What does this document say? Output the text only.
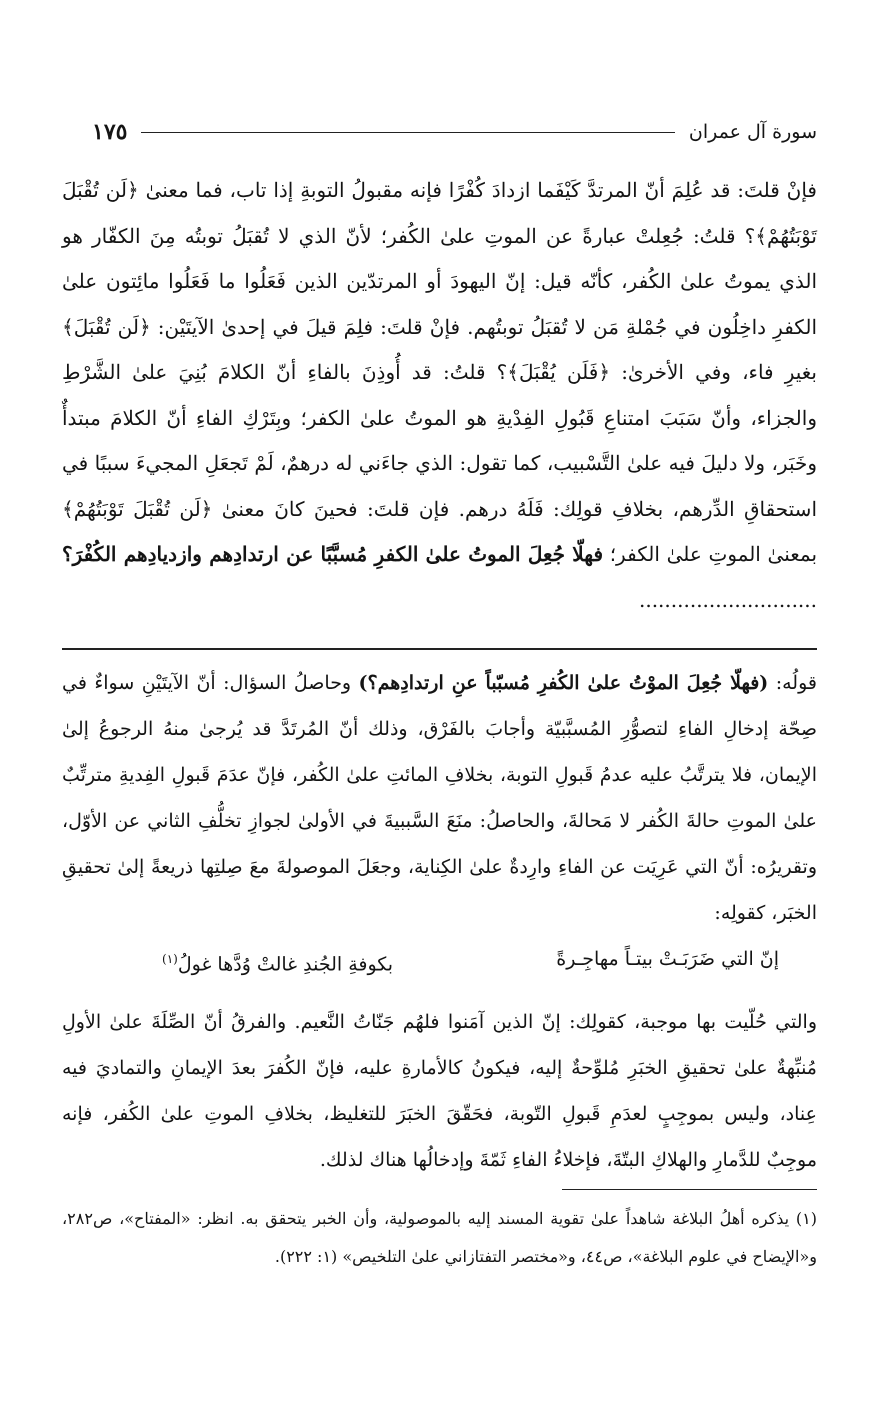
سورة آل عمران
١٧٥
فإنْ قلتَ: قد عُلِمَ أنّ المرتدَّ كَيْفَما ازدادَ كُفْرًا فإنه مقبولُ التوبةِ إذا تاب، فما معنىٰ ﴿لَن تُقْبَلَ تَوْبَتُهُمْ﴾؟ قلتُ: جُعِلتْ عبارةً عن الموتِ علىٰ الكُفر؛ لأنّ الذي لا تُقبَلُ توبتُه مِنَ الكفّار هو الذي يموتُ علىٰ الكُفر، كأنّه قيل: إنّ اليهودَ أو المرتدّين الذين فَعَلُوا ما فَعَلُوا مائِتون علىٰ الكفرِ داخِلُون في جُمْلةِ مَن لا تُقبَلُ توبتُهم. فإنْ قلتَ: فلِمَ قيلَ في إحدىٰ الآيتَيْن: ﴿لَن تُقْبَلَ﴾ بغيرِ فاء، وفي الأخرىٰ: ﴿فَلَن يُقْبَلَ﴾؟ قلتُ: قد أُوذِنَ بالفاءِ أنّ الكلامَ بُنِيَ علىٰ الشَّرْطِ والجزاء، وأنّ سَبَبَ امتناعِ قَبُولِ الفِدْيةِ هو الموتُ علىٰ الكفر؛ وبِتَرْكِ الفاءِ أنّ الكلامَ مبتدأٌ وخَبَر، ولا دليلَ فيه علىٰ التَّسْبيب، كما تقول: الذي جاءَني له درهمٌ، لَمْ تَجعَلِ المجيءَ سببًا في استحقاقِ الدِّرهم، بخلافِ قولِك: فَلَهُ درهم. فإن قلتَ: فحينَ كانَ معنىٰ ﴿لَن تُقْبَلَ تَوْبَتُهُمْ﴾ بمعنىٰ الموتِ علىٰ الكفر؛ فهلّا جُعِلَ الموتُ علىٰ الكفرِ مُسبَّبًا عن ارتدادِهم وازديادِهم الكُفْرَ؟ ............................
قولُه: (فهلّا جُعِلَ الموْتُ علىٰ الكُفرِ مُسبّباً عنِ ارتدادِهم؟) وحاصلُ السؤال: أنّ الآيتَيْنِ سواءٌ في صِحّة إدخالِ الفاءِ لتصوُّرِ المُسبَّبيّة وأجابَ بالفَرْق، وذلك أنّ المُرتَدَّ قد يُرجىٰ منهُ الرجوعُ إلىٰ الإيمان، فلا يترتَّبُ عليه عدمُ قَبولِ التوبة، بخلافِ المائتِ علىٰ الكُفر، فإنّ عدَمَ قَبولِ الفِديةِ مترتِّبٌ علىٰ الموتِ حالةَ الكُفر لا مَحالةَ، والحاصلُ: منَعَ السَّببيةَ في الأولىٰ لجوازِ تخلُّفِ الثاني عن الأوّل، وتقريرُه: أنّ التي عَرِيَت عن الفاءِ وارِدةٌ علىٰ الكِناية، وجعَلَ الموصولةَ معَ صِلتِها ذريعةً إلىٰ تحقيقِ الخبَر، كقولِه:
إنّ التي ضَرَبَـتْ بيتـاً مهاجِـرةً
بكوفةِ الجُندِ غالتْ وُدَّها غولُ$^{(١)}$
والتي حُلّيت بها موجبة، كقولِك: إنّ الذين آمَنوا فلهُم جَنّاتُ النَّعيم. والفرقُ أنّ الصِّلَةَ علىٰ الأولِ مُنبِّهةٌ علىٰ تحقيقِ الخبَرِ مُلوِّحةٌ إليه، فيكونُ كالأمارةِ عليه، فإنّ الكُفرَ بعدَ الإيمانِ والتماديَ فيه عِناد، وليس بموجِبٍ لعدَمِ قَبولِ التّوبة، فحَقّقَ الخبَرَ للتغليظ، بخلافِ الموتِ علىٰ الكُفر، فإنه موجِبٌ للدَّمارِ والهلاكِ البتّةَ، فإخلاءُ الفاءِ ثَمّةَ وإدخالُها هناك لذلك.
(١) يذكره أهلُ البلاغة شاهداً علىٰ تقوية المسند إليه بالموصولية، وأن الخبر يتحقق به. انظر: «المفتاح»، ص٢٨٢، و«الإيضاح في علوم البلاغة»، ص٤٤، و«مختصر التفتازاني علىٰ التلخيص» (١: ٢٢٢).
